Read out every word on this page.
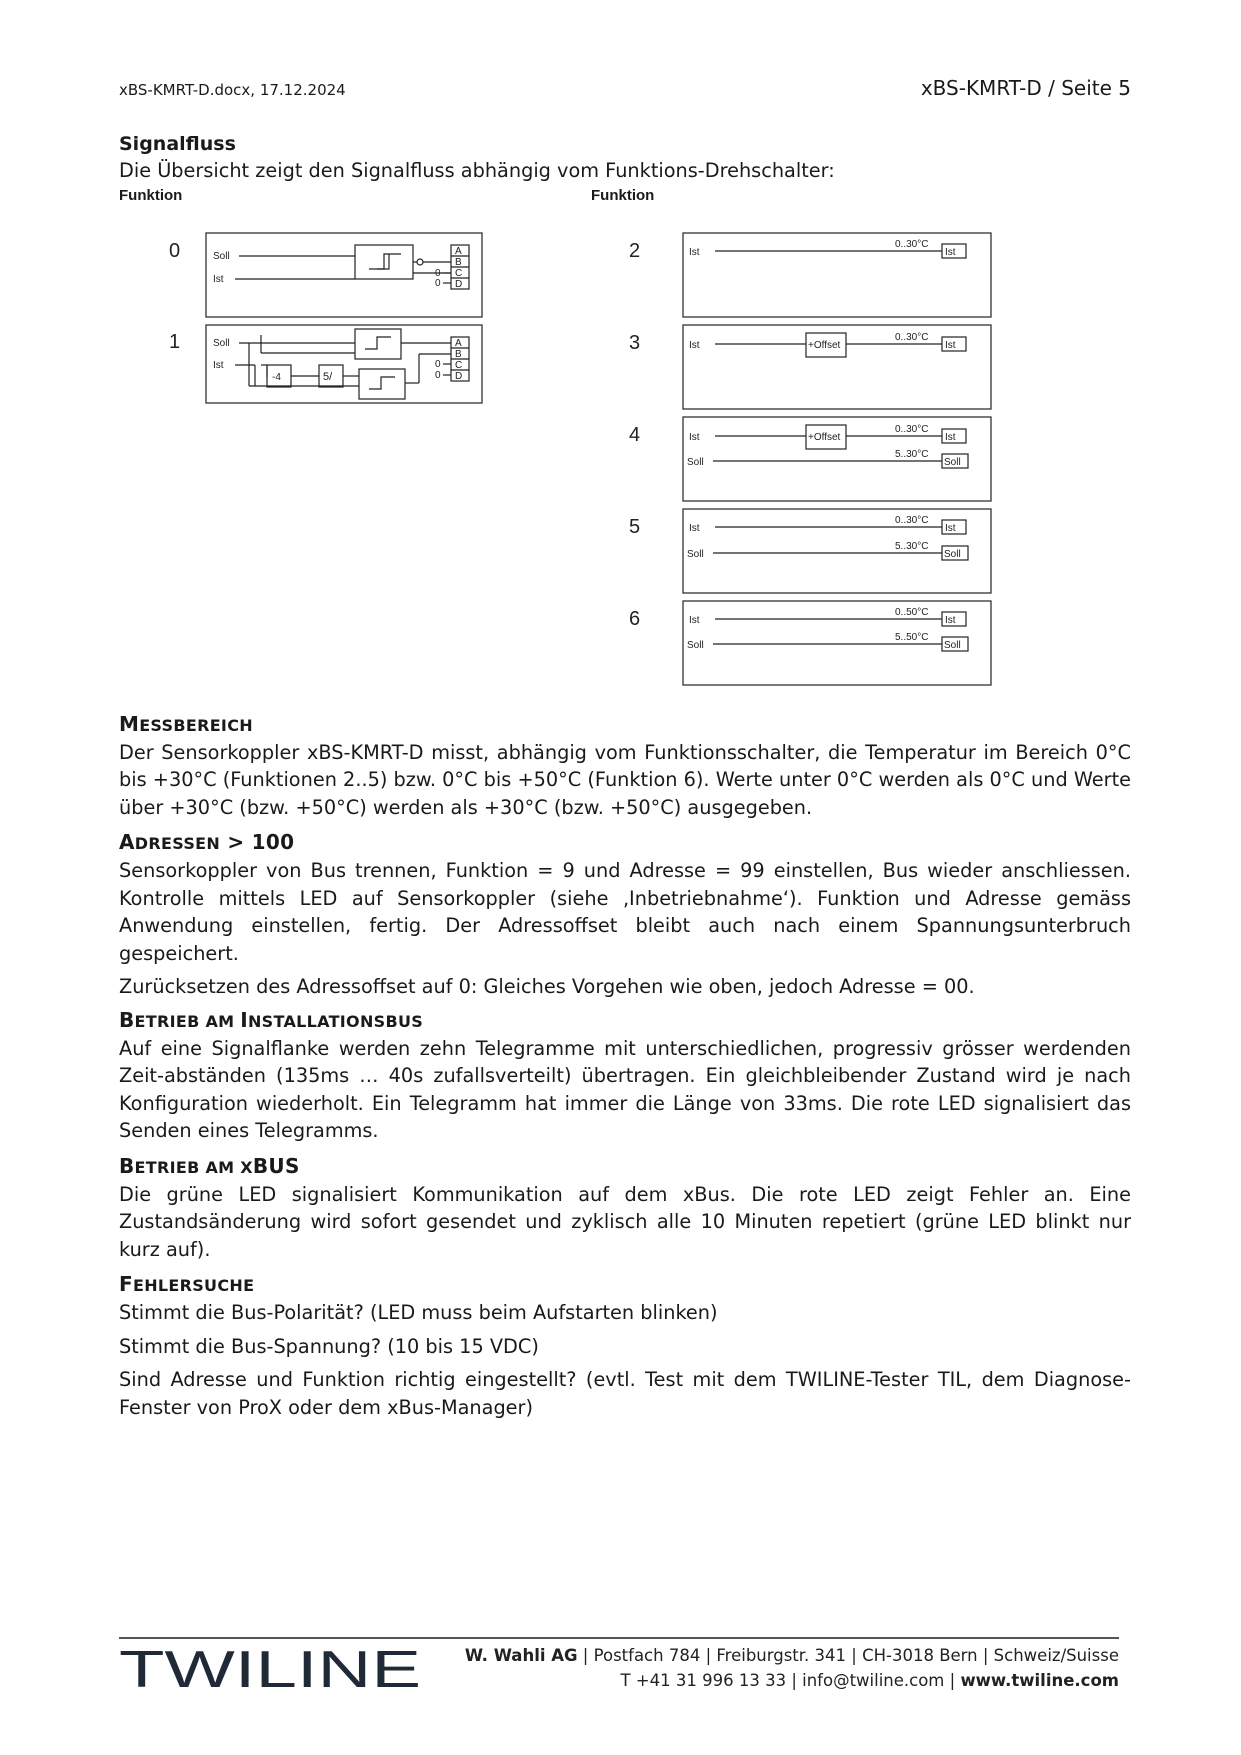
xBS-KMRT-D.docx, 17.12.2024	xBS-KMRT-D / Seite 5

Signalfluss

Die Übersicht zeigt den Signalfluss abhängig vom Funktions-Drehschalter:

Funktion	Funktion
0
1
2
3
4
5
6
Soll
Ist
A
B
C
D
0
0
Soll
Ist
-4	5/
A
B
C
D
0
0
Ist
0..30°C
Ist
Ist	+Offset
0..30°C
Ist
Ist
Soll
+Offset
0..30°C
5..30°C
Ist
Soll
Ist
Soll
0..30°C
5..30°C
Ist
Soll
Ist
Soll
0..50°C
5..50°C
Ist
Soll

MESSBEREICH

Der Sensorkoppler xBS-KMRT-D misst, abhängig vom Funktionsschalter, die Temperatur im Bereich 0°C bis +30°C (Funktionen 2..5) bzw. 0°C bis +50°C (Funktion 6). Werte unter 0°C werden als 0°C und Werte über +30°C (bzw. +50°C) werden als +30°C (bzw. +50°C) ausgegeben.

ADRESSEN > 100

Sensorkoppler von Bus trennen, Funktion = 9 und Adresse = 99 einstellen, Bus wieder anschliessen. Kontrolle mittels LED auf Sensorkoppler (siehe ‚Inbetriebnahme‘). Funktion und Adresse gemäss Anwendung einstellen, fertig. Der Adressoffset bleibt auch nach einem Spannungsunterbruch gespeichert.

Zurücksetzen des Adressoffset auf 0: Gleiches Vorgehen wie oben, jedoch Adresse = 00.

BETRIEB AM INSTALLATIONSBUS

Auf eine Signalflanke werden zehn Telegramme mit unterschiedlichen, progressiv grösser werdenden Zeit-abständen (135ms … 40s zufallsverteilt) übertragen. Ein gleichbleibender Zustand wird je nach Konfiguration wiederholt. Ein Telegramm hat immer die Länge von 33ms. Die rote LED signalisiert das Senden eines Telegramms.

BETRIEB AM XBUS

Die grüne LED signalisiert Kommunikation auf dem xBus. Die rote LED zeigt Fehler an. Eine Zustandsänderung wird sofort gesendet und zyklisch alle 10 Minuten repetiert (grüne LED blinkt nur kurz auf).

FEHLERSUCHE

Stimmt die Bus-Polarität? (LED muss beim Aufstarten blinken)

Stimmt die Bus-Spannung? (10 bis 15 VDC)

Sind Adresse und Funktion richtig eingestellt? (evtl. Test mit dem TWILINE-Tester TIL, dem Diagnose-Fenster von ProX oder dem xBus-Manager)

TWILINE	W. Wahli AG | Postfach 784 | Freiburgstr. 341 | CH-3018 Bern | Schweiz/Suisse
T +41 31 996 13 33 | info@twiline.com | www.twiline.com
